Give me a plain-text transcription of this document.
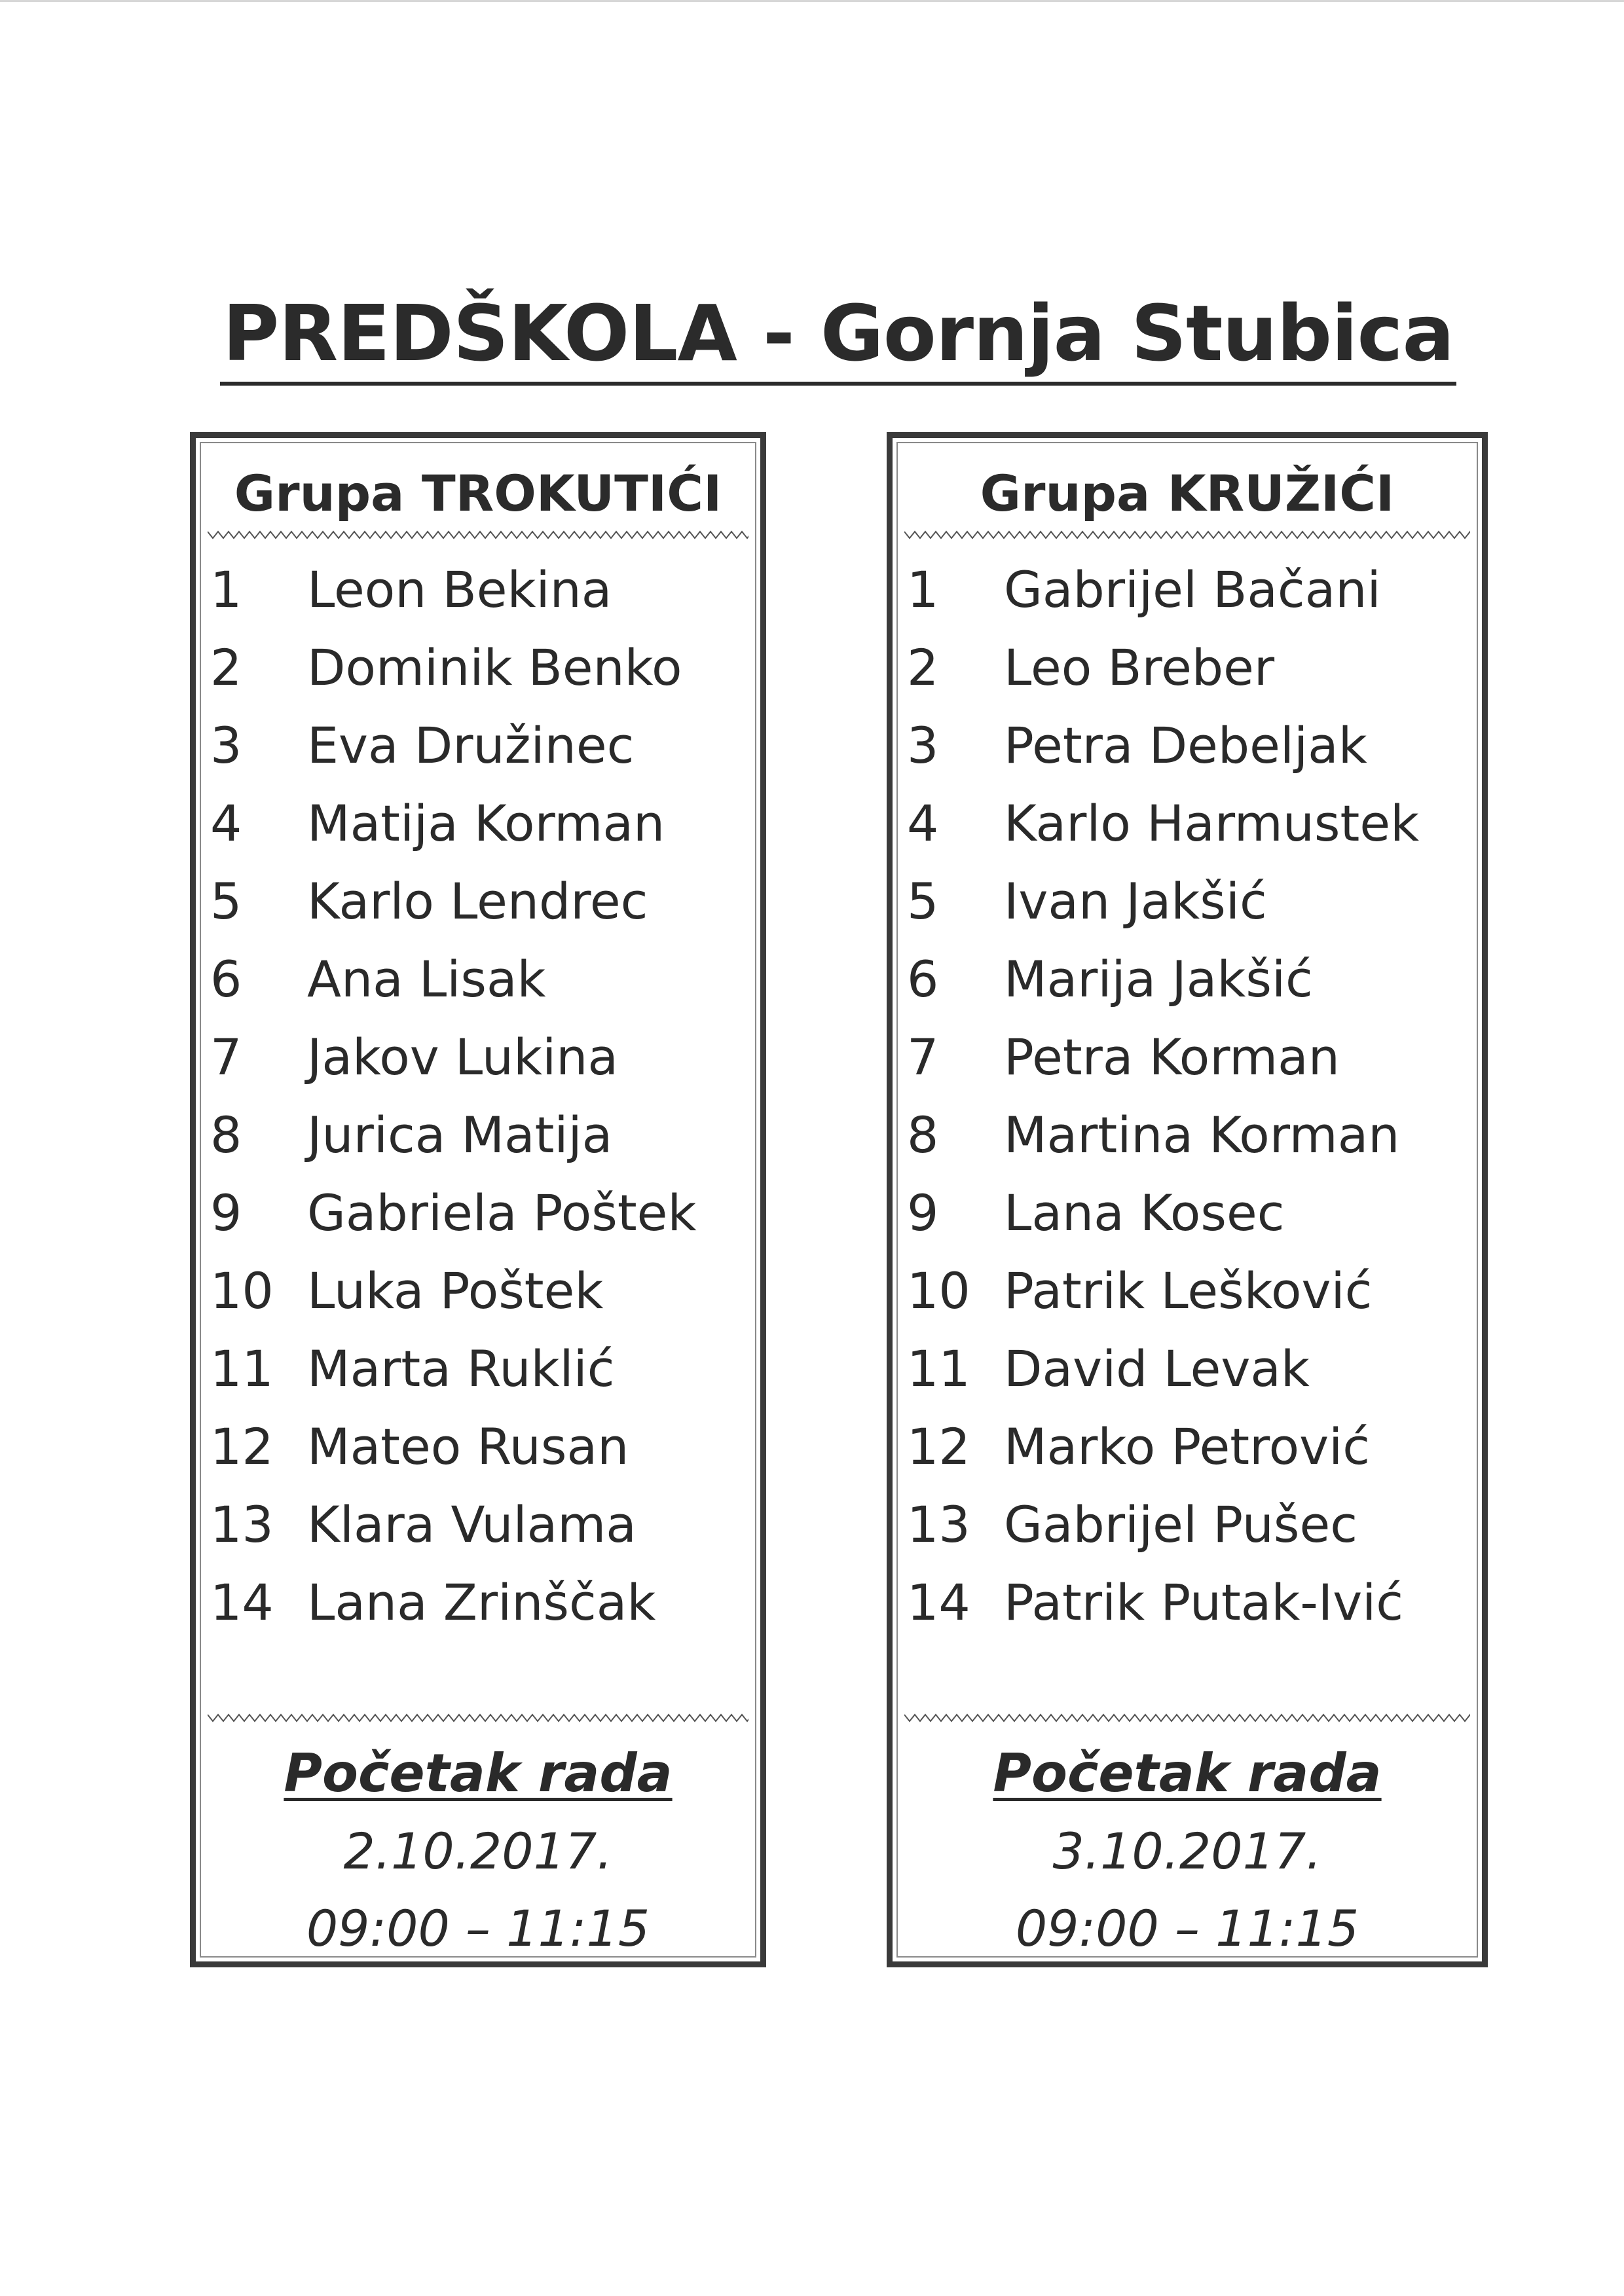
PREDŠKOLA - Gornja Stubica
Grupa TROKUTIĆI
1	Leon Bekina
2	Dominik Benko
3	Eva Družinec
4	Matija Korman
5	Karlo Lendrec
6	Ana Lisak
7	Jakov Lukina
8	Jurica Matija
9	Gabriela Poštek
10 Luka Poštek
11 Marta Ruklić
12 Mateo Rusan
13 Klara Vulama
14 Lana Zrinščak
Početak rada
2.10.2017.
09:00 – 11:15
Grupa KRUŽIĆI
1	Gabrijel Bačani
2	Leo Breber
3	Petra Debeljak
4	Karlo Harmustek
5	Ivan Jakšić
6	Marija Jakšić
7	Petra Korman
8	Martina Korman
9	Lana Kosec
10 Patrik Lešković
11 David Levak
12 Marko Petrović
13 Gabrijel Pušec
14 Patrik Putak-Ivić
Početak rada
3.10.2017.
09:00 – 11:15
